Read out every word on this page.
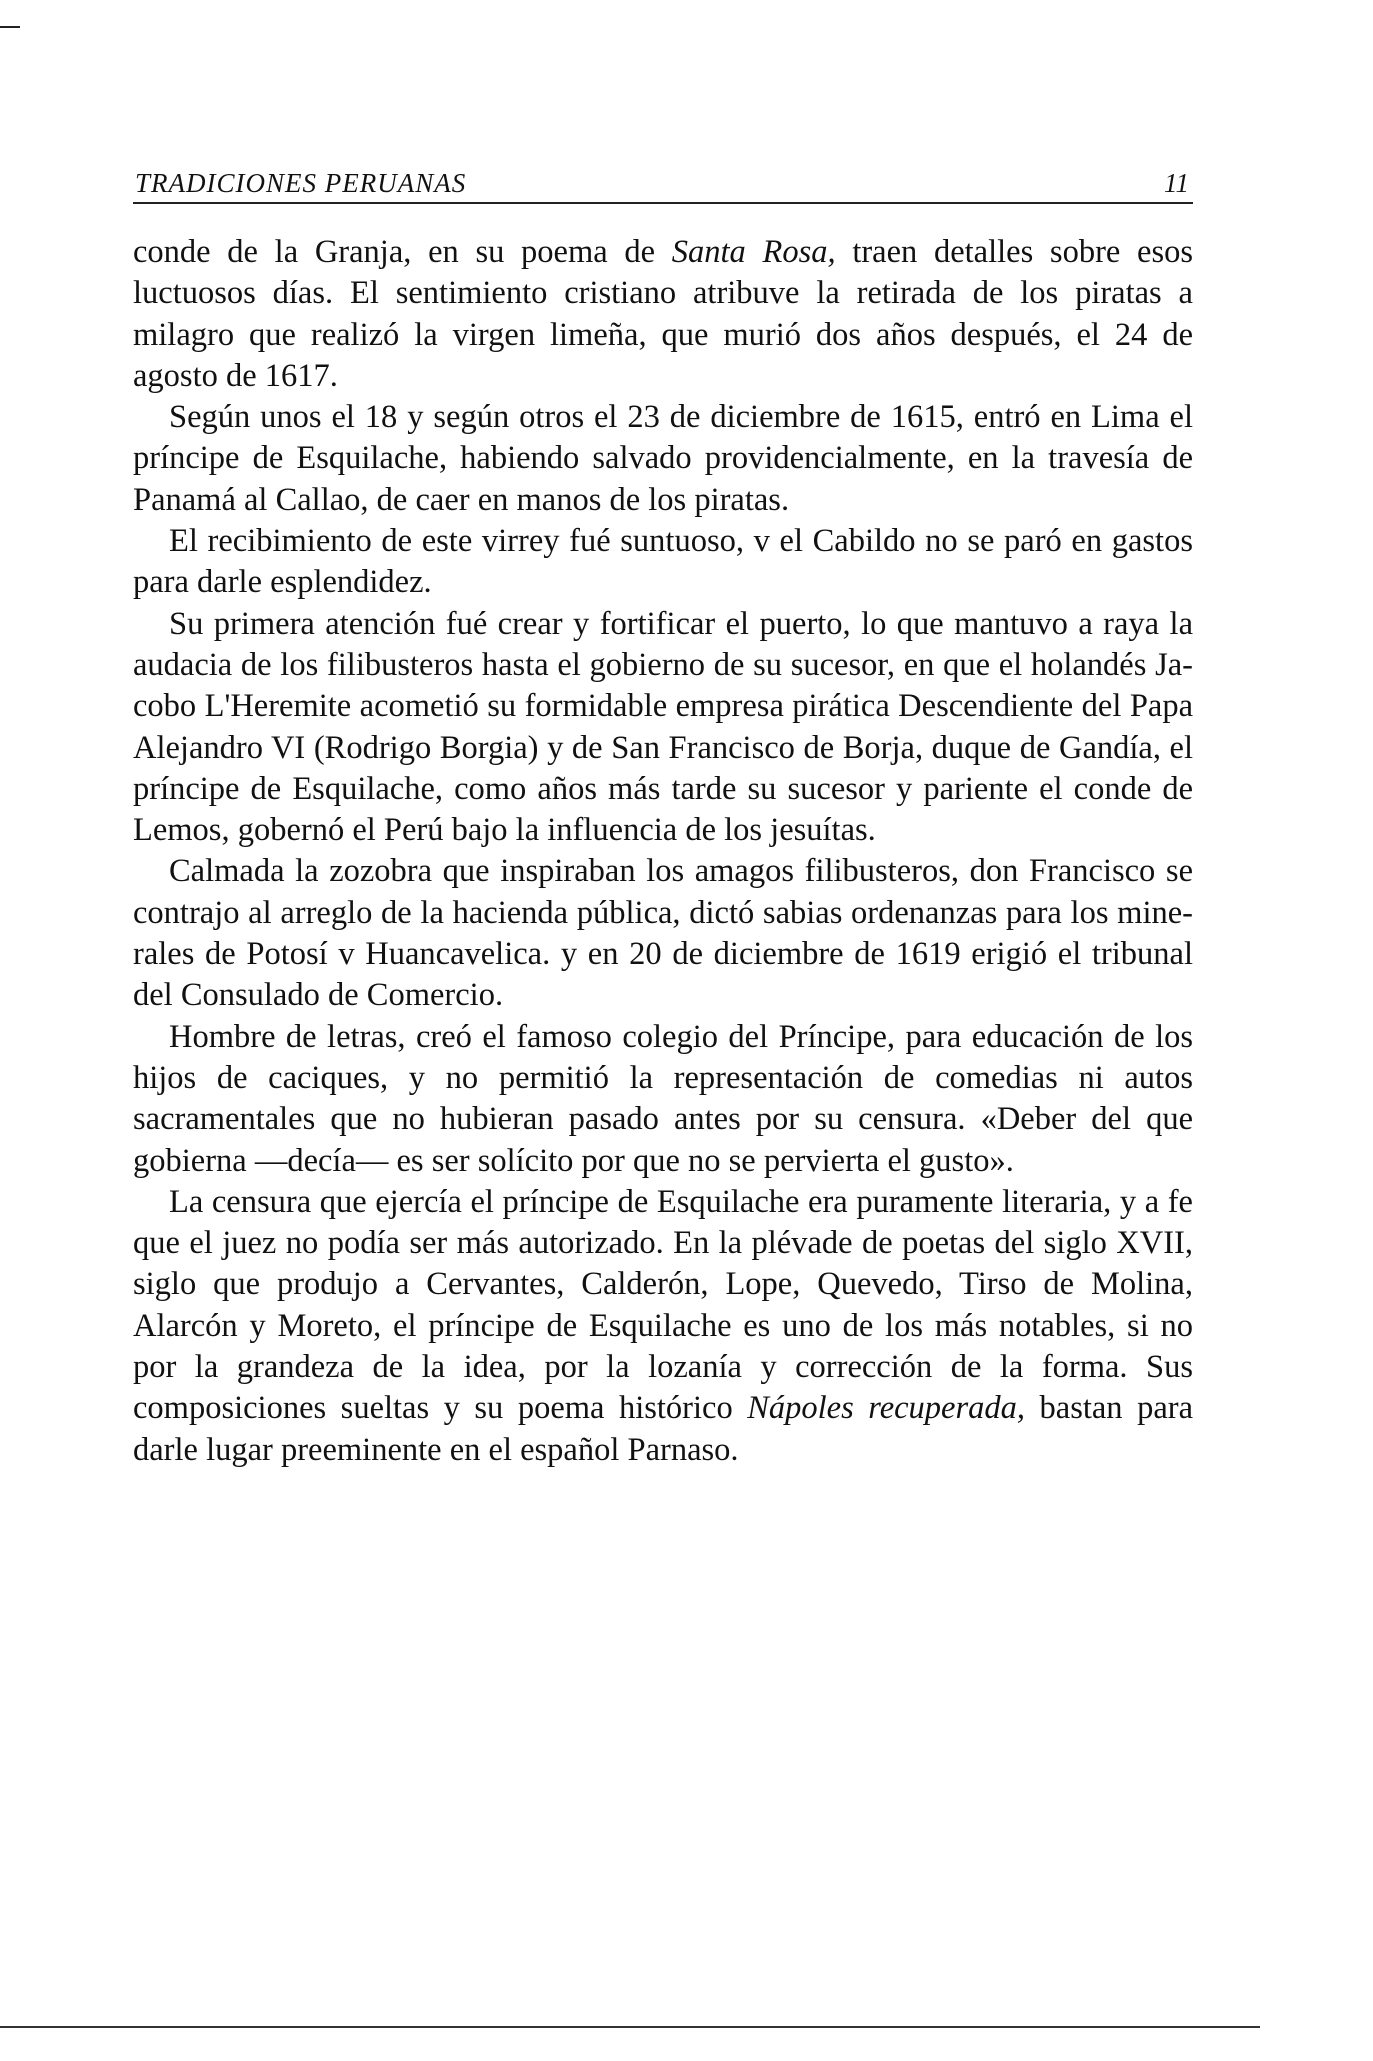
TRADICIONES PERUANAS	11

conde de la Granja, en su poema de Santa Rosa, traen detalles sobre esos luctuosos días. El sentimiento cristiano atribuve la retirada de los piratas a milagro que realizó la virgen limeña, que murió dos años después, el 24 de agosto de 1617.

Según unos el 18 y según otros el 23 de diciembre de 1615, entró en Lima el príncipe de Esquilache, habiendo salvado providencialmente, en la travesía de Panamá al Callao, de caer en manos de los piratas.

El recibimiento de este virrey fué suntuoso, v el Cabildo no se paró en gastos para darle esplendidez.

Su primera atención fué crear y fortificar el puerto, lo que mantuvo a raya la audacia de los filibusteros hasta el gobierno de su sucesor, en que el holandés Jacobo L'Heremite acometió su formidable empresa pirática Descendiente del Papa Alejandro VI (Rodrigo Borgia) y de San Francisco de Borja, duque de Gandía, el príncipe de Esquilache, como años más tarde su sucesor y pariente el conde de Lemos, gobernó el Perú bajo la influencia de los jesuítas.

Calmada la zozobra que inspiraban los amagos filibusteros, don Francisco se contrajo al arreglo de la hacienda pública, dictó sabias ordenanzas para los minerales de Potosí v Huancavelica. y en 20 de diciembre de 1619 erigió el tribunal del Consulado de Comercio.

Hombre de letras, creó el famoso colegio del Príncipe, para educación de los hijos de caciques, y no permitió la representación de comedias ni autos sacramentales que no hubieran pasado antes por su censura. «Deber del que gobierna —decía— es ser solícito por que no se pervierta el gusto».

La censura que ejercía el príncipe de Esquilache era puramente literaria, y a fe que el juez no podía ser más autorizado. En la plévade de poetas del siglo XVII, siglo que produjo a Cervantes, Calderón, Lope, Quevedo, Tirso de Molina, Alarcón y Moreto, el príncipe de Esquilache es uno de los más notables, si no por la grandeza de la idea, por la lozanía y corrección de la forma. Sus composiciones sueltas y su poema histórico Nápoles recuperada, bastan para darle lugar preeminente en el español Parnaso.
